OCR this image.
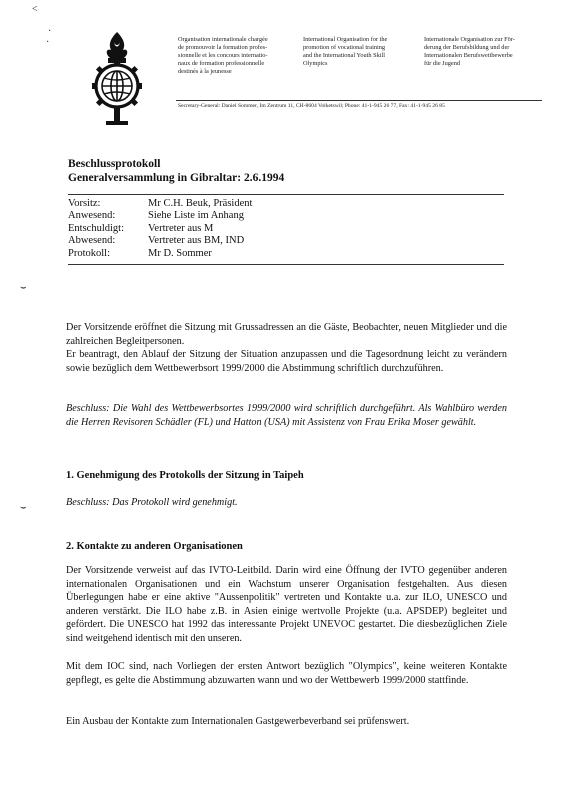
˂
·
·
⌣
⌣
Organisation internationale chargée
de promouvoir la formation profes-
sionnelle et les concours internatio-
naux de formation professionnelle
destinés à la jeunesse
International Organisation for the
promotion of vocational training
and the International Youth Skill
Olympics
Internationale Organisation zur För-
derung der Berufsbildung und der
Internationalen Berufswettbewerbe
für die Jugend
Secretary-General: Daniel Sommer, Im Zentrum 11, CH-8604 Volketswil; Phone: 41-1-945 26 77, Fax: 41-1-945 26 85
Beschlussprotokoll
Generalversammlung in Gibraltar: 2.6.1994
Vorsitz:	Mr C.H. Beuk, Präsident
Anwesend:	Siehe Liste im Anhang
Entschuldigt:	Vertreter aus M
Abwesend:	Vertreter aus BM, IND
Protokoll:	Mr D. Sommer

Der Vorsitzende eröffnet die Sitzung mit Grussadressen an die Gäste, Beobachter, neuen Mitglieder und die zahlreichen Begleitpersonen.

Er beantragt, den Ablauf der Sitzung der Situation anzupassen und die Tagesordnung leicht zu verändern sowie bezüglich dem Wettbewerbsort 1999/2000 die Abstimmung schriftlich durchzuführen.

Beschluss: Die Wahl des Wettbewerbsortes 1999/2000 wird schriftlich durchgeführt. Als Wahlbüro werden die Herren Revisoren Schädler (FL) und Hatton (USA) mit Assistenz von Frau Erika Moser gewählt.
1. Genehmigung des Protokolls der Sitzung in Taipeh
Beschluss: Das Protokoll wird genehmigt.
2. Kontakte zu anderen Organisationen
Der Vorsitzende verweist auf das IVTO-Leitbild. Darin wird eine Öffnung der IVTO gegenüber anderen internationalen Organisationen und ein Wachstum unserer Organisation festgehalten. Aus diesen Überlegungen habe er eine aktive "Aussenpolitik" vertreten und Kontakte u.a. zur ILO, UNESCO und anderen verstärkt. Die ILO habe z.B. in Asien einige wertvolle Projekte (u.a. APSDEP) begleitet und gefördert. Die UNESCO hat 1992 das interessante Projekt UNEVOC gestartet. Die diesbezüglichen Ziele sind weitgehend identisch mit den unseren.
Mit dem IOC sind, nach Vorliegen der ersten Antwort bezüglich "Olympics", keine weiteren Kontakte gepflegt, es gelte die Abstimmung abzuwarten wann und wo der Wettbewerb 1999/2000 stattfinde.
Ein Ausbau der Kontakte zum Internationalen Gastgewerbeverband sei prüfenswert.
